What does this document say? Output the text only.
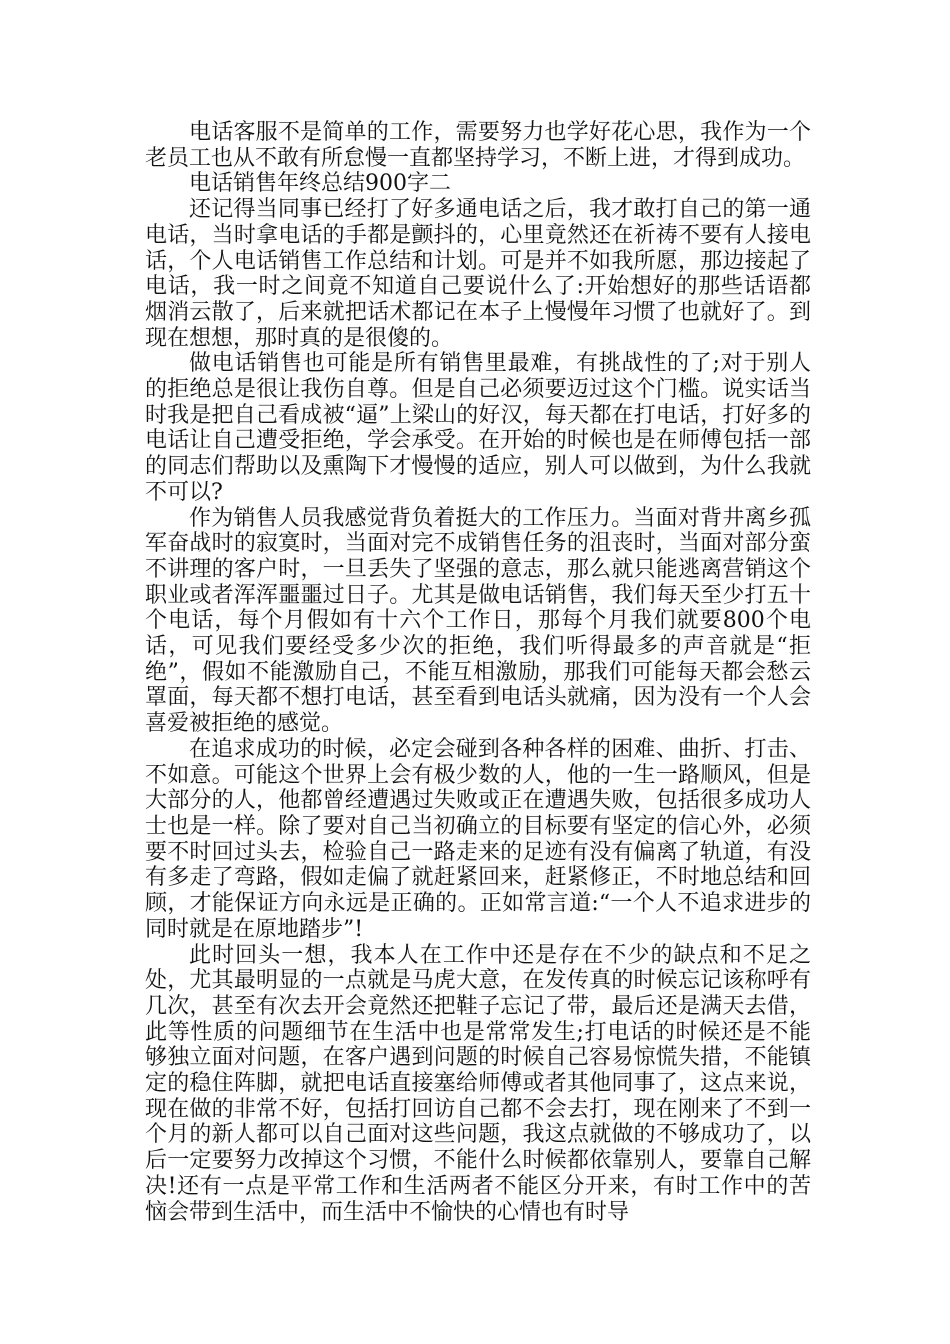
电话客服不是简单的工作，需要努力也学好花心思，我作为一个老员工也从不敢有所怠慢一直都坚持学习，不断上进，才得到成功。

电话销售年终总结900字二

还记得当同事已经打了好多通电话之后，我才敢打自己的第一通电话，当时拿电话的手都是颤抖的，心里竟然还在祈祷不要有人接电话，个人电话销售工作总结和计划。可是并不如我所愿，那边接起了电话，我一时之间竟不知道自己要说什么了:开始想好的那些话语都烟消云散了，后来就把话术都记在本子上慢慢年习惯了也就好了。到现在想想，那时真的是很傻的。

做电话销售也可能是所有销售里最难，有挑战性的了;对于别人的拒绝总是很让我伤自尊。但是自己必须要迈过这个门槛。说实话当时我是把自己看成被“逼”上梁山的好汉，每天都在打电话，打好多的电话让自己遭受拒绝，学会承受。在开始的时候也是在师傅包括一部的同志们帮助以及熏陶下才慢慢的适应，别人可以做到，为什么我就不可以?

作为销售人员我感觉背负着挺大的工作压力。当面对背井离乡孤军奋战时的寂寞时，当面对完不成销售任务的沮丧时，当面对部分蛮不讲理的客户时，一旦丢失了坚强的意志，那么就只能逃离营销这个职业或者浑浑噩噩过日子。尤其是做电话销售，我们每天至少打五十个电话，每个月假如有十六个工作日，那每个月我们就要800个电话，可见我们要经受多少次的拒绝，我们听得最多的声音就是“拒绝”，假如不能激励自己，不能互相激励，那我们可能每天都会愁云罩面，每天都不想打电话，甚至看到电话头就痛，因为没有一个人会喜爱被拒绝的感觉。

在追求成功的时候，必定会碰到各种各样的困难、曲折、打击、不如意。可能这个世界上会有极少数的人，他的一生一路顺风，但是大部分的人，他都曾经遭遇过失败或正在遭遇失败，包括很多成功人士也是一样。除了要对自己当初确立的目标要有坚定的信心外，必须要不时回过头去，检验自己一路走来的足迹有没有偏离了轨道，有没有多走了弯路，假如走偏了就赶紧回来，赶紧修正，不时地总结和回顾，才能保证方向永远是正确的。正如常言道:“一个人不追求进步的同时就是在原地踏步”!

此时回头一想，我本人在工作中还是存在不少的缺点和不足之处，尤其最明显的一点就是马虎大意，在发传真的时候忘记该称呼有几次，甚至有次去开会竟然还把鞋子忘记了带，最后还是满天去借，此等性质的问题细节在生活中也是常常发生;打电话的时候还是不能够独立面对问题，在客户遇到问题的时候自己容易惊慌失措，不能镇定的稳住阵脚，就把电话直接塞给师傅或者其他同事了，这点来说，现在做的非常不好，包括打回访自己都不会去打，现在刚来了不到一个月的新人都可以自己面对这些问题，我这点就做的不够成功了，以后一定要努力改掉这个习惯，不能什么时候都依靠别人，要靠自己解决!还有一点是平常工作和生活两者不能区分开来，有时工作中的苦恼会带到生活中，而生活中不愉快的心情也有时导
